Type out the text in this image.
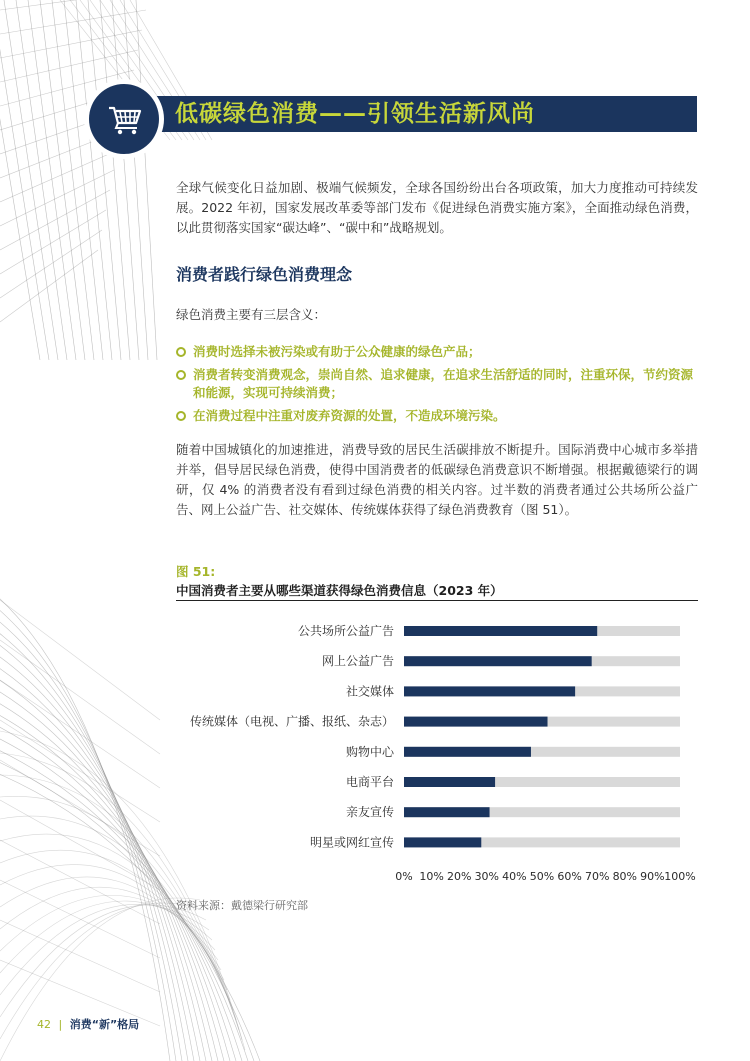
低碳绿色消费——引领生活新风尚

全球气候变化日益加剧、极端气候频发，全球各国纷纷出台各项政策，加大力度推动可持续发展。2022 年初，国家发展改革委等部门发布《促进绿色消费实施方案》，全面推动绿色消费，以此贯彻落实国家“碳达峰”、“碳中和”战略规划。

消费者践行绿色消费理念
绿色消费主要有三层含义：
消费时选择未被污染或有助于公众健康的绿色产品；
消费者转变消费观念，崇尚自然、追求健康，在追求生活舒适的同时，注重环保，节约资源和能源，实现可持续消费；
在消费过程中注重对废弃资源的处置，不造成环境污染。

随着中国城镇化的加速推进，消费导致的居民生活碳排放不断提升。国际消费中心城市多举措并举，倡导居民绿色消费，使得中国消费者的低碳绿色消费意识不断增强。根据戴德梁行的调研，仅 4% 的消费者没有看到过绿色消费的相关内容。过半数的消费者通过公共场所公益广告、网上公益广告、社交媒体、传统媒体获得了绿色消费教育（图 51）。

图 51:
中国消费者主要从哪些渠道获得绿色消费信息（2023 年）
公共场所公益广告
网上公益广告
社交媒体
传统媒体（电视、广播、报纸、杂志）
购物中心
电商平台
亲友宣传
明星或网红宣传
0% 10% 20% 30% 40% 50% 60% 70% 80% 90% 100%
资料来源：戴德梁行研究部
42 | 消费“新”格局
